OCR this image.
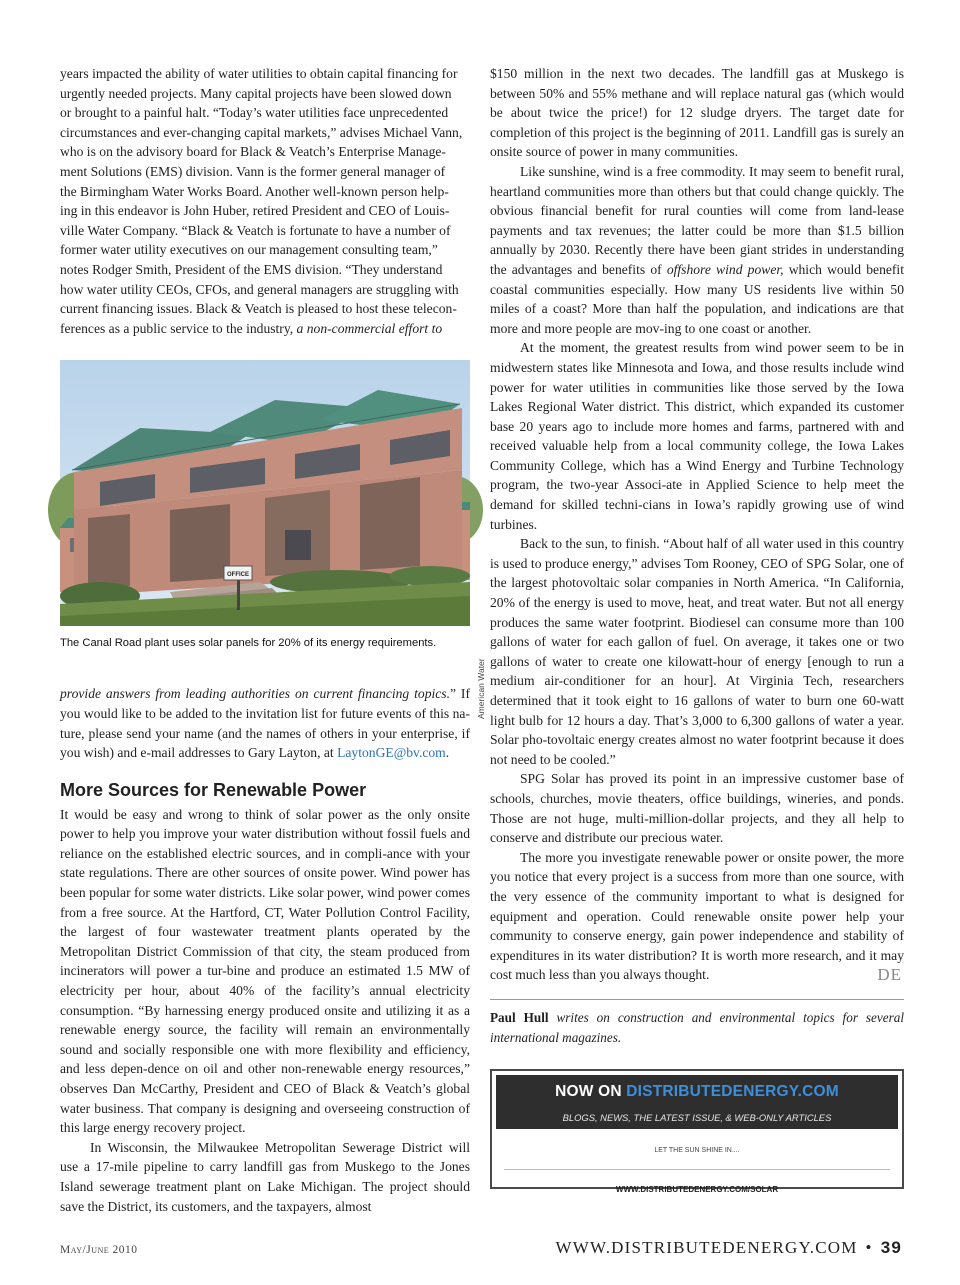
years impacted the ability of water utilities to obtain capital financing for
urgently needed projects. Many capital projects have been slowed down
or brought to a painful halt. “Today’s water utilities face unprecedented
circumstances and ever-changing capital markets,” advises Michael Vann,
who is on the advisory board for Black & Veatch’s Enterprise Manage-
ment Solutions (EMS) division. Vann is the former general manager of
the Birmingham Water Works Board. Another well-known person help-
ing in this endeavor is John Huber, retired President and CEO of Louis-
ville Water Company. “Black & Veatch is fortunate to have a number of
former water utility executives on our management consulting team,”
notes Rodger Smith, President of the EMS division. “They understand
how water utility CEOs, CFOs, and general managers are struggling with
current financing issues. Black & Veatch is pleased to host these telecon-
ferences as a public service to the industry, a non-commercial effort to
OFFICE
American Water
The Canal Road plant uses solar panels for 20% of its energy requirements.

provide answers from leading authorities on current financing topics.” If you would like to be added to the invitation list for future events of this na-ture, please send your name (and the names of others in your enterprise, if you wish) and e-mail addresses to Gary Layton, at LaytonGE@bv.com.

More Sources for Renewable Power

It would be easy and wrong to think of solar power as the only onsite power to help you improve your water distribution without fossil fuels and reliance on the established electric sources, and in compli-ance with your state regulations. There are other sources of onsite power. Wind power has been popular for some water districts. Like solar power, wind power comes from a free source. At the Hartford, CT, Water Pollution Control Facility, the largest of four wastewater treatment plants operated by the Metropolitan District Commission of that city, the steam produced from incinerators will power a tur-bine and produce an estimated 1.5 MW of electricity per hour, about 40% of the facility’s annual electricity consumption. “By harnessing energy produced onsite and utilizing it as a renewable energy source, the facility will remain an environmentally sound and socially responsible one with more flexibility and efficiency, and less depen-dence on oil and other non-renewable energy resources,” observes Dan McCarthy, President and CEO of Black & Veatch’s global water business. That company is designing and overseeing construction of this large energy recovery project.

In Wisconsin, the Milwaukee Metropolitan Sewerage District will use a 17-mile pipeline to carry landfill gas from Muskego to the Jones Island sewerage treatment plant on Lake Michigan. The project should save the District, its customers, and the taxpayers, almost

$150 million in the next two decades. The landfill gas at Muskego is between 50% and 55% methane and will replace natural gas (which would be about twice the price!) for 12 sludge dryers. The target date for completion of this project is the beginning of 2011. Landfill gas is surely an onsite source of power in many communities.

Like sunshine, wind is a free commodity. It may seem to benefit rural, heartland communities more than others but that could change quickly. The obvious financial benefit for rural counties will come from land-lease payments and tax revenues; the latter could be more than $1.5 billion annually by 2030. Recently there have been giant strides in understanding the advantages and benefits of offshore wind power, which would benefit coastal communities especially. How many US residents live within 50 miles of a coast? More than half the population, and indications are that more and more people are mov-ing to one coast or another.

At the moment, the greatest results from wind power seem to be in midwestern states like Minnesota and Iowa, and those results include wind power for water utilities in communities like those served by the Iowa Lakes Regional Water district. This district, which expanded its customer base 20 years ago to include more homes and farms, partnered with and received valuable help from a local community college, the Iowa Lakes Community College, which has a Wind Energy and Turbine Technology program, the two-year Associ-ate in Applied Science to help meet the demand for skilled techni-cians in Iowa’s rapidly growing use of wind turbines.

Back to the sun, to finish. “About half of all water used in this country is used to produce energy,” advises Tom Rooney, CEO of SPG Solar, one of the largest photovoltaic solar companies in North America. “In California, 20% of the energy is used to move, heat, and treat water. But not all energy produces the same water footprint. Biodiesel can consume more than 100 gallons of water for each gallon of fuel. On average, it takes one or two gallons of water to create one kilowatt-hour of energy [enough to run a medium air-conditioner for an hour]. At Virginia Tech, researchers determined that it took eight to 16 gallons of water to burn one 60-watt light bulb for 12 hours a day. That’s 3,000 to 6,300 gallons of water a year. Solar pho-tovoltaic energy creates almost no water footprint because it does not need to be cooled.”

SPG Solar has proved its point in an impressive customer base of schools, churches, movie theaters, office buildings, wineries, and ponds. Those are not huge, multi-million-dollar projects, and they all help to conserve and distribute our precious water.

The more you investigate renewable power or onsite power, the more you notice that every project is a success from more than one source, with the very essence of the community important to what is designed for equipment and operation. Could renewable onsite power help your community to conserve energy, gain power independence and stability of expenditures in its water distribution? It is worth more research, and it may cost much less than you always thought.	DE

Paul Hull writes on construction and environmental topics for several international magazines.

NOW ON DISTRIBUTEDENERGY.COM
BLOGS, NEWS, THE LATEST ISSUE, & WEB-ONLY ARTICLES
LET THE SUN SHINE IN....
WWW.DISTRIBUTEDENERGY.COM/SOLAR
May/June 2010	WWW.DISTRIBUTEDENERGY.COM • 39
